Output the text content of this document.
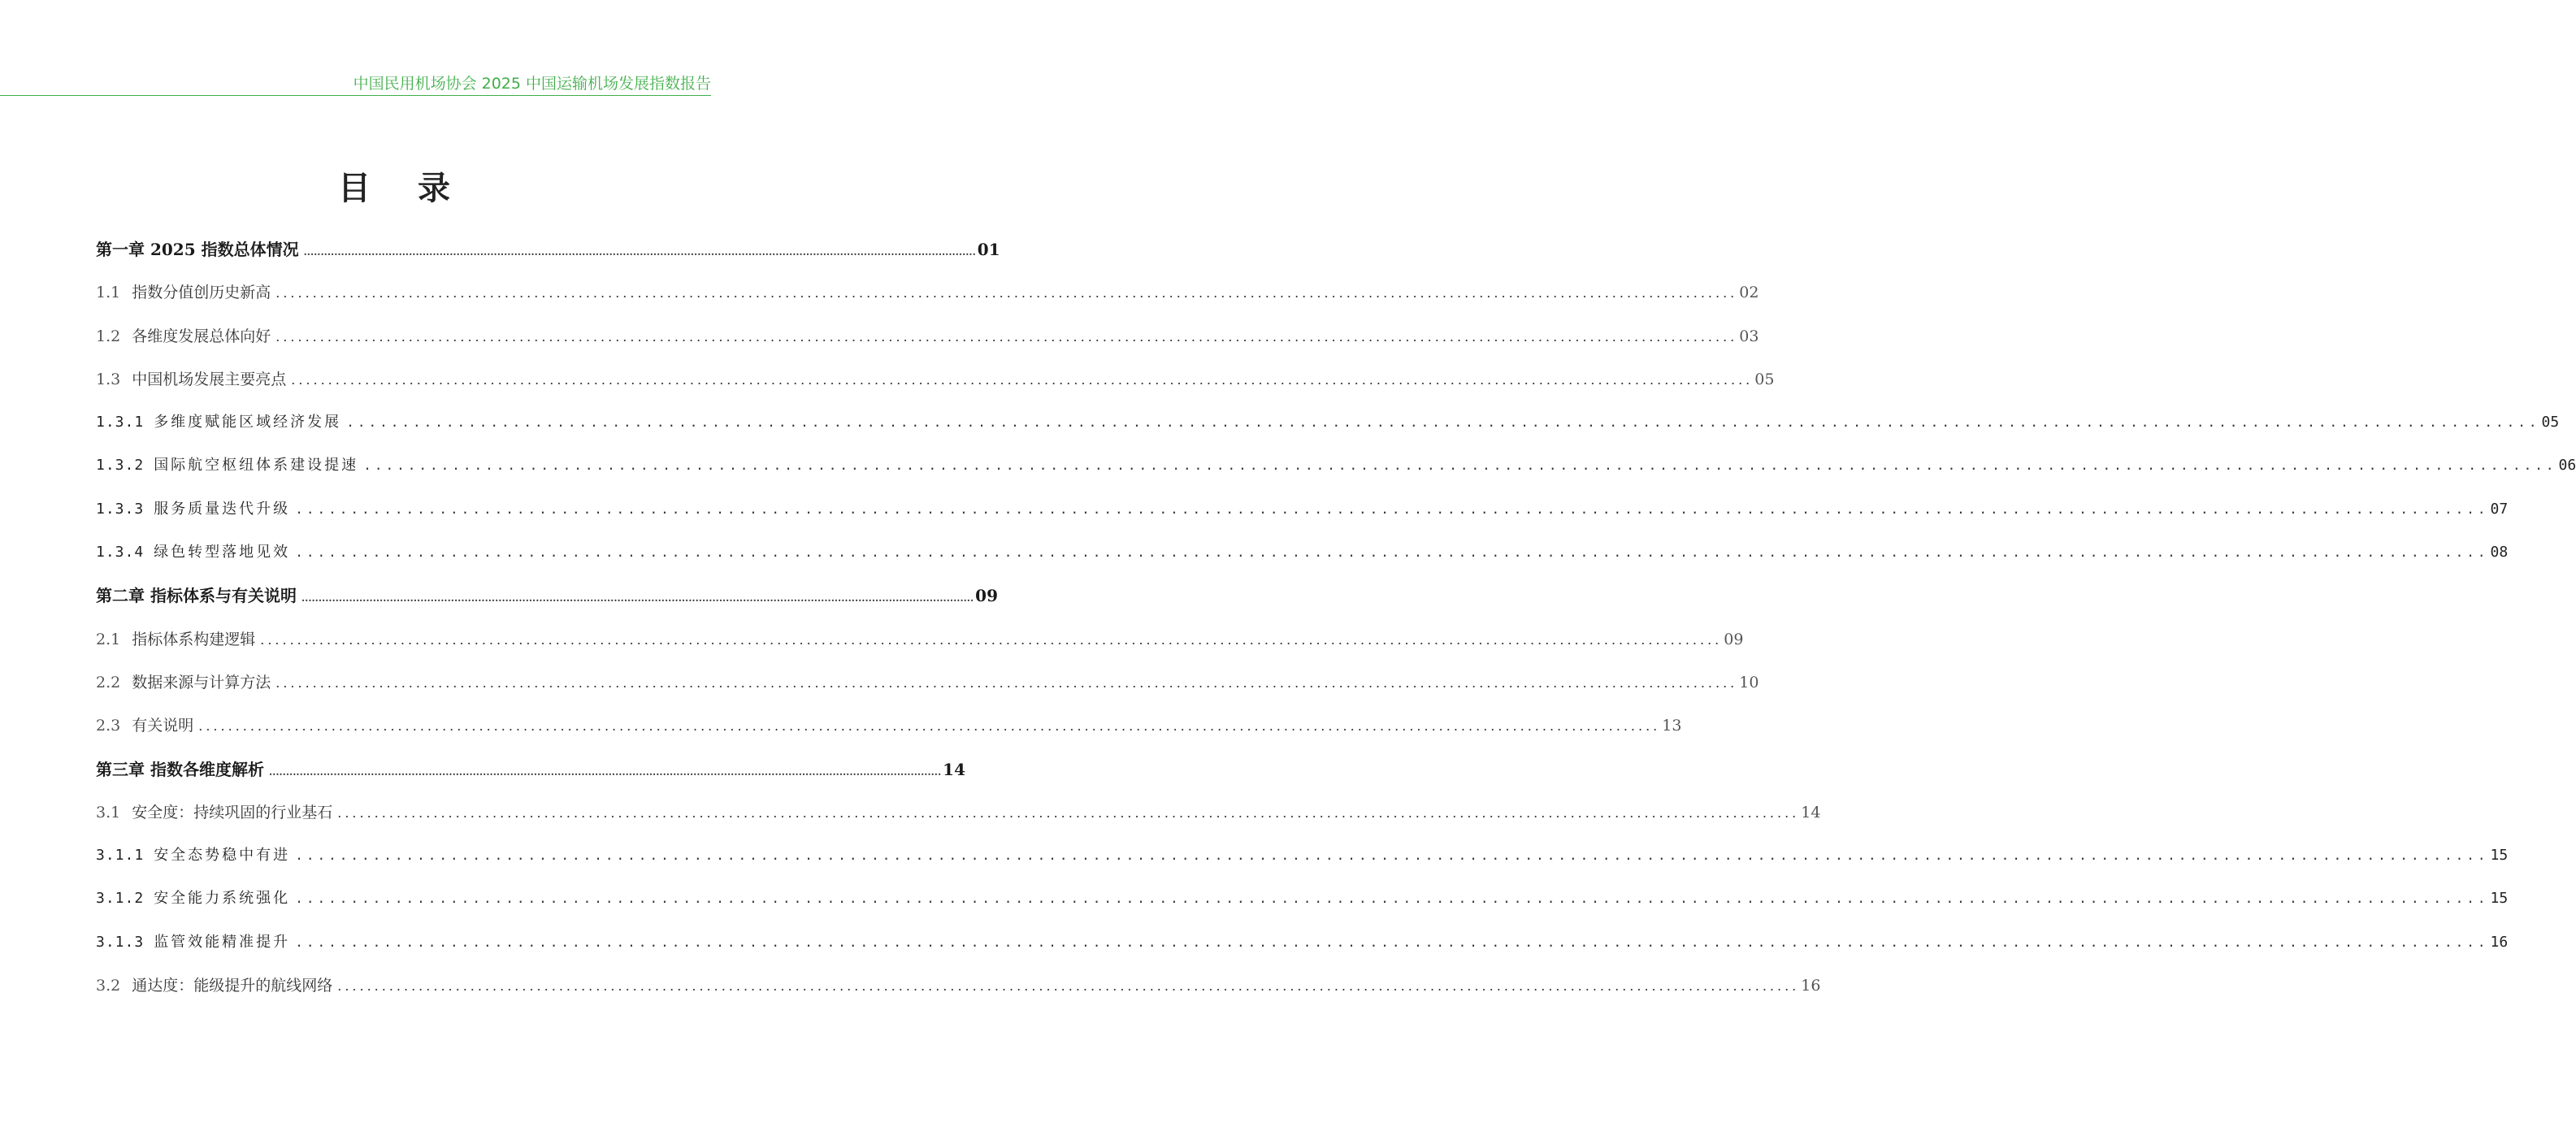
中国民用机场协会 2025 中国运输机场发展指数报告
目 录
第一章 2025 指数总体情况 ...................................................................................................................................................................................................... 01
1.1 指数分值创历史新高 ...................................................................................................................................................................................................... 02
1.2 各维度发展总体向好 ...................................................................................................................................................................................................... 03
1.3 中国机场发展主要亮点 ...................................................................................................................................................................................................... 05
1.3.1 多维度赋能区域经济发展 ...................................................................................................................................................................................................... 05
1.3.2 国际航空枢纽体系建设提速 ...................................................................................................................................................................................................... 06
1.3.3 服务质量迭代升级 ...................................................................................................................................................................................................... 07
1.3.4 绿色转型落地见效 ...................................................................................................................................................................................................... 08
第二章 指标体系与有关说明 ...................................................................................................................................................................................................... 09
2.1 指标体系构建逻辑 ...................................................................................................................................................................................................... 09
2.2 数据来源与计算方法 ...................................................................................................................................................................................................... 10
2.3 有关说明 ...................................................................................................................................................................................................... 13
第三章 指数各维度解析 ...................................................................................................................................................................................................... 14
3.1 安全度：持续巩固的行业基石 ...................................................................................................................................................................................................... 14
3.1.1 安全态势稳中有进 ...................................................................................................................................................................................................... 15
3.1.2 安全能力系统强化 ...................................................................................................................................................................................................... 15
3.1.3 监管效能精准提升 ...................................................................................................................................................................................................... 16
3.2 通达度：能级提升的航线网络 ...................................................................................................................................................................................................... 16
